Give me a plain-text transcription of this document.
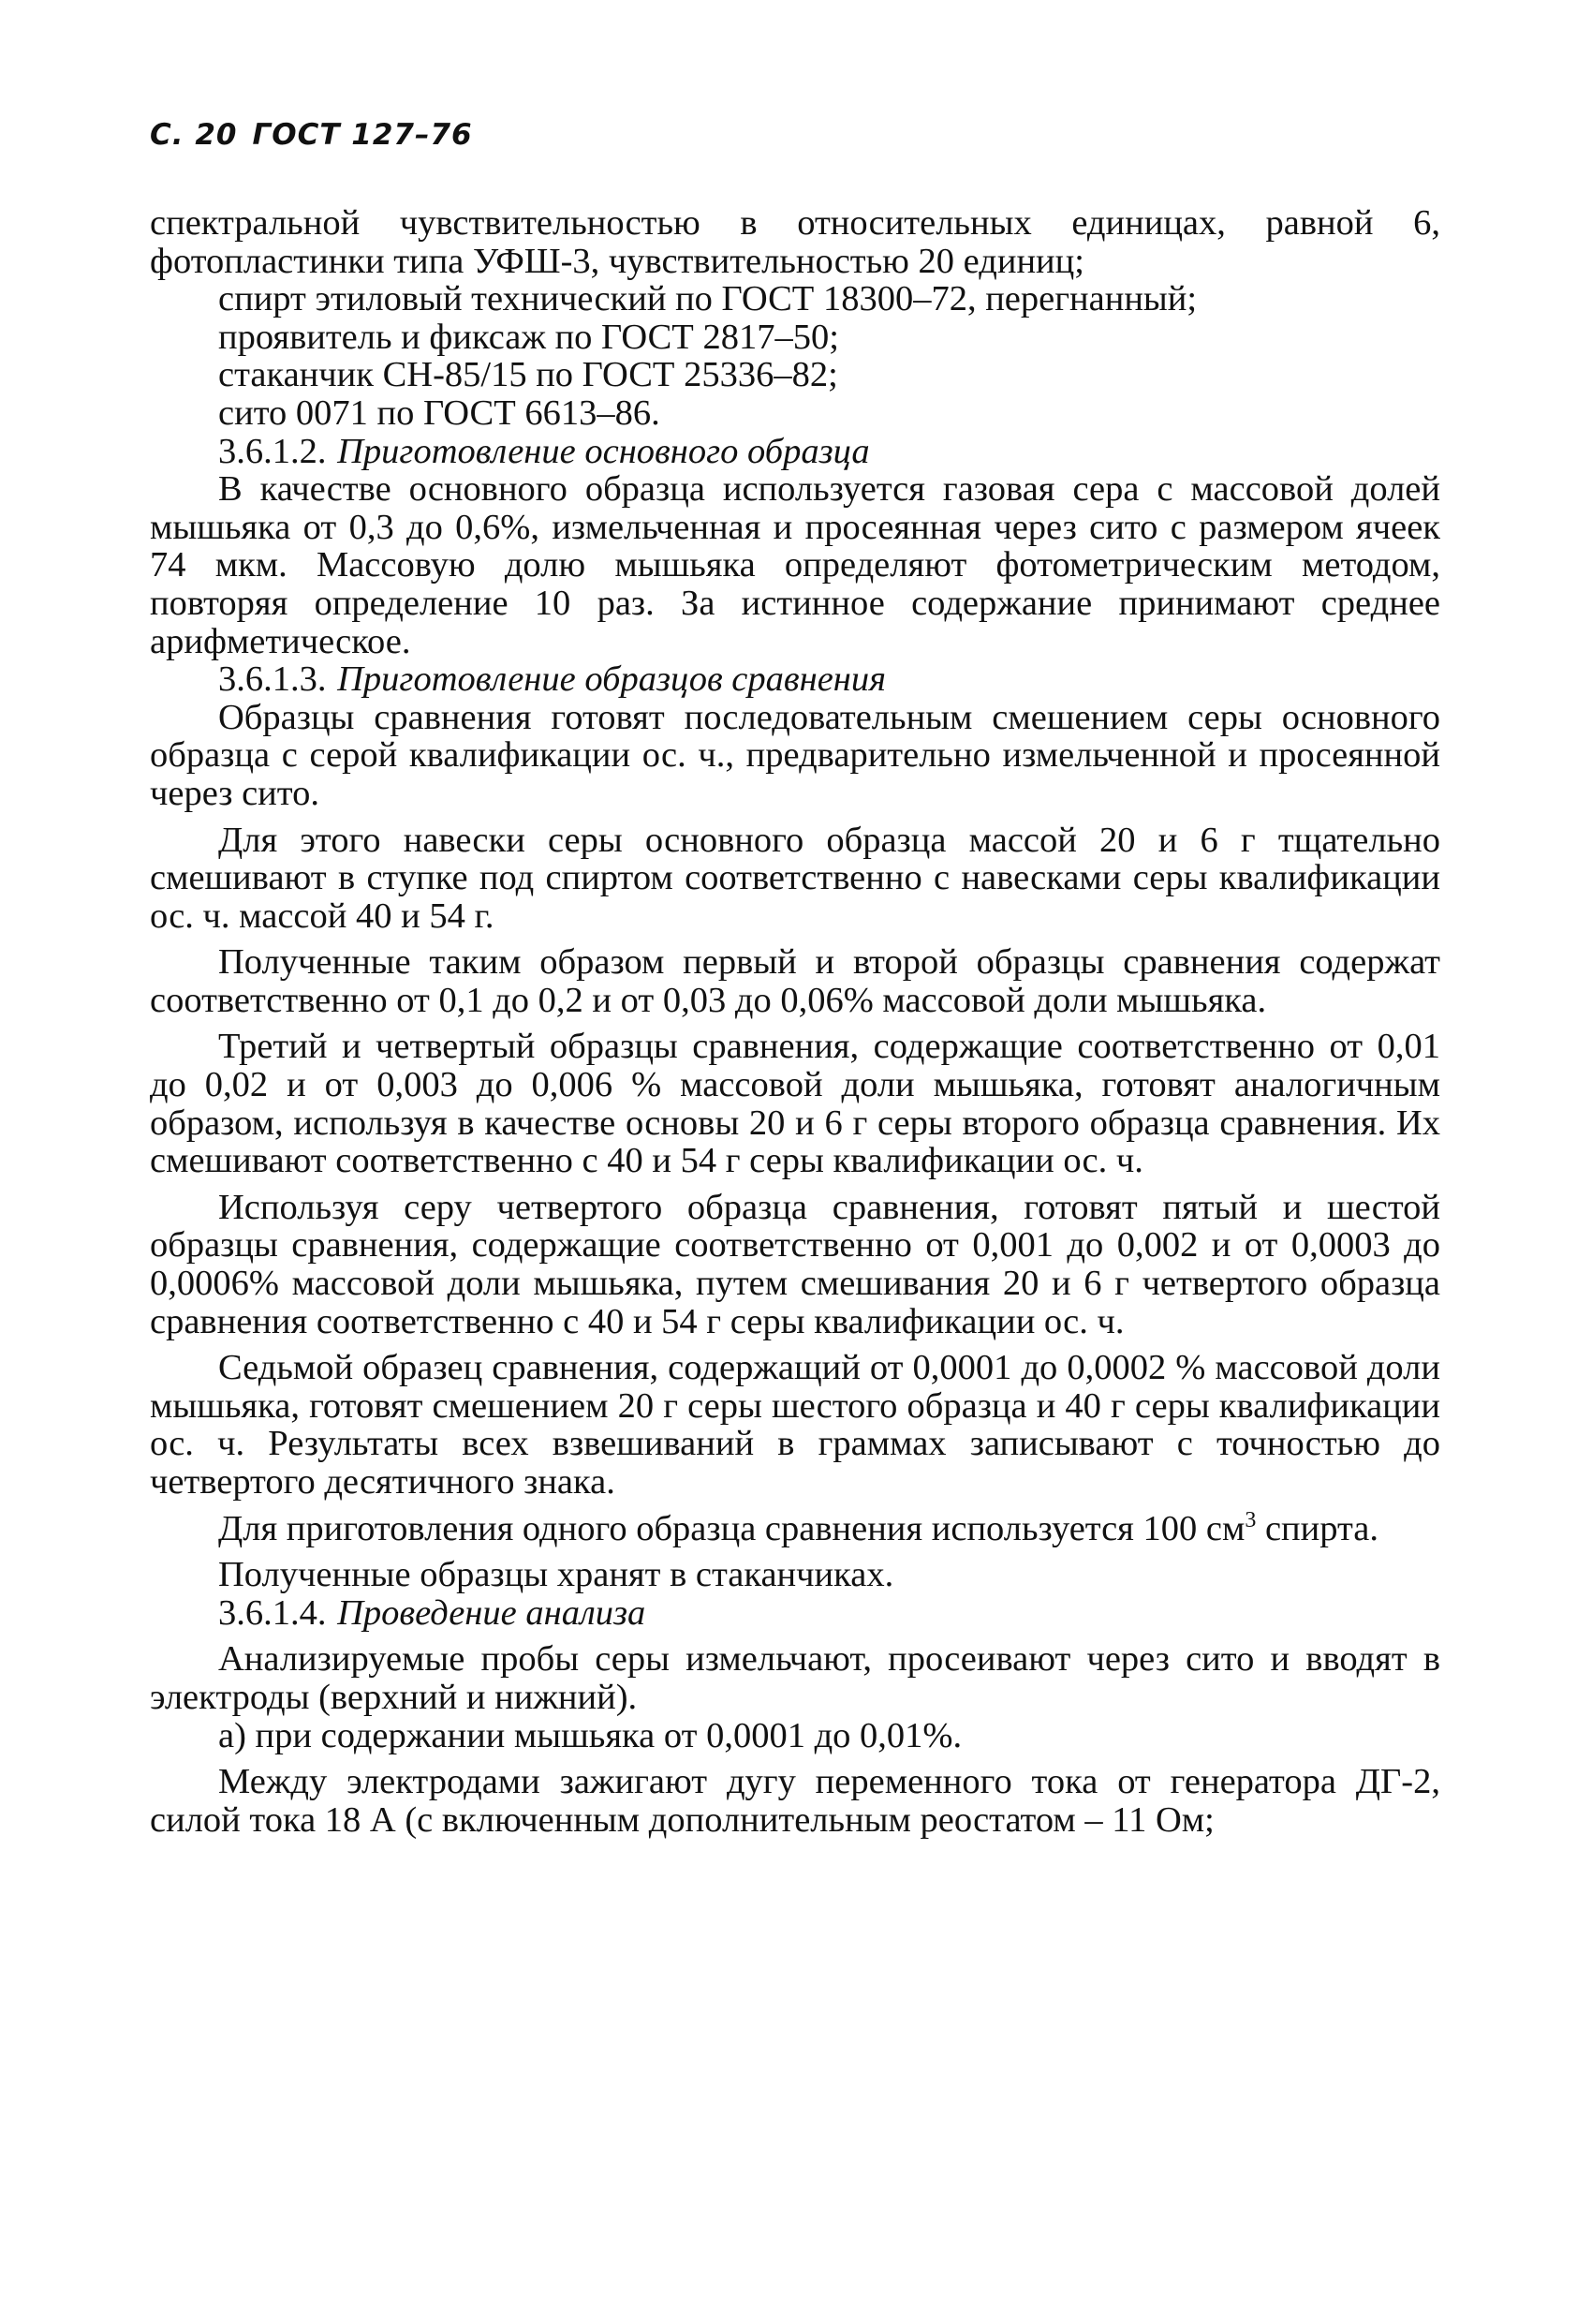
С. 20 ГОСТ 127–76

спектральной чувствительностью в относительных единицах, равной 6, фотопластинки типа УФШ-3, чувствительностью 20 единиц;

спирт этиловый технический по ГОСТ 18300–72, перегнанный;

проявитель и фиксаж по ГОСТ 2817–50;

стаканчик СН-85/15 по ГОСТ 25336–82;

сито 0071 по ГОСТ 6613–86.

3.6.1.2. Приготовление основного образца

В качестве основного образца используется газовая сера с массовой долей мышьяка от 0,3 до 0,6%, измельченная и просеянная через сито с размером ячеек 74 мкм. Массовую долю мышьяка определяют фотометрическим методом, повторяя определение 10 раз. За истинное содержание принимают среднее арифметическое.

3.6.1.3. Приготовление образцов сравнения

Образцы сравнения готовят последовательным смешением серы основного образца с серой квалификации ос. ч., предварительно измельченной и просеянной через сито.

Для этого навески серы основного образца массой 20 и 6 г тщательно смешивают в ступке под спиртом соответственно с навесками серы квалификации ос. ч. массой 40 и 54 г.

Полученные таким образом первый и второй образцы сравнения содержат соответственно от 0,1 до 0,2 и от 0,03 до 0,06% массовой доли мышьяка.

Третий и четвертый образцы сравнения, содержащие соответственно от 0,01 до 0,02 и от 0,003 до 0,006 % массовой доли мышьяка, готовят аналогичным образом, используя в качестве основы 20 и 6 г серы второго образца сравнения. Их смешивают соответственно с 40 и 54 г серы квалификации ос. ч.

Используя серу четвертого образца сравнения, готовят пятый и шестой образцы сравнения, содержащие соответственно от 0,001 до 0,002 и от 0,0003 до 0,0006% массовой доли мышьяка, путем смешивания 20 и 6 г четвертого образца сравнения соответственно с 40 и 54 г серы квалификации ос. ч.

Седьмой образец сравнения, содержащий от 0,0001 до 0,0002 % массовой доли мышьяка, готовят смешением 20 г серы шестого образца и 40 г серы квалификации ос. ч. Результаты всех взвешиваний в граммах записывают с точностью до четвертого десятичного знака.

Для приготовления одного образца сравнения используется 100 $см^3$ спирта.

Полученные образцы хранят в стаканчиках.

3.6.1.4. Проведение анализа

Анализируемые пробы серы измельчают, просеивают через сито и вводят в электроды (верхний и нижний).

а) при содержании мышьяка от 0,0001 до 0,01%.

Между электродами зажигают дугу переменного тока от генератора ДГ-2, силой тока 18 А (с включенным дополнительным реостатом – 11 Ом;
